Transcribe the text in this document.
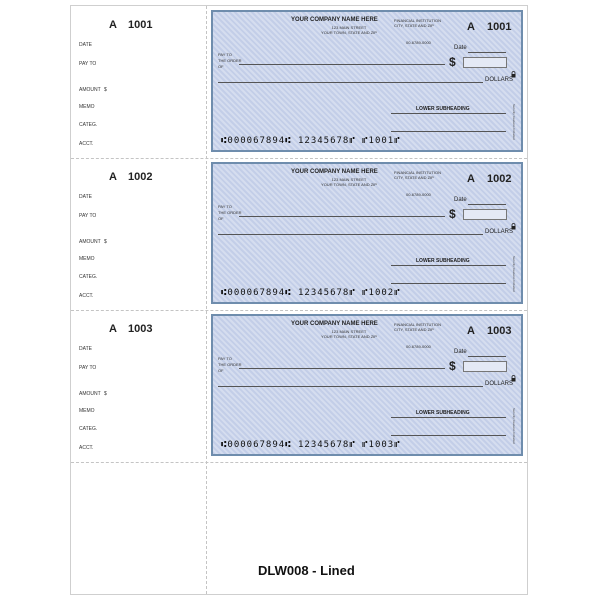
A 1001
DATE
PAY TO
AMOUNT $
MEMO
CATEG.
ACCT.
YOUR COMPANY NAME HERE
123 MAIN STREET
YOUR TOWN, STATE AND ZIP
FINANCIAL INSTITUTION
CITY, STATE AND ZIP
00-6789-0000
A 1001
Date
PAY TO
THE ORDER
OF	$
DOLLARS
Security Features Included
LOWER SUBHEADING
⑆000067894⑆ 12345678⑈ ⑈1001⑈
A 1002
DATE
PAY TO
AMOUNT $
MEMO
CATEG.
ACCT.
YOUR COMPANY NAME HERE
123 MAIN STREET
YOUR TOWN, STATE AND ZIP
FINANCIAL INSTITUTION
CITY, STATE AND ZIP
00-6789-0000
A 1002
Date
PAY TO
THE ORDER
OF	$
DOLLARS
Security Features Included
LOWER SUBHEADING
⑆000067894⑆ 12345678⑈ ⑈1002⑈
A 1003
DATE
PAY TO
AMOUNT $
MEMO
CATEG.
ACCT.
YOUR COMPANY NAME HERE
123 MAIN STREET
YOUR TOWN, STATE AND ZIP
FINANCIAL INSTITUTION
CITY, STATE AND ZIP
00-6789-0000
A 1003
Date
PAY TO
THE ORDER
OF	$
DOLLARS
Security Features Included
LOWER SUBHEADING
⑆000067894⑆ 12345678⑈ ⑈1003⑈
DLW008 - Lined
